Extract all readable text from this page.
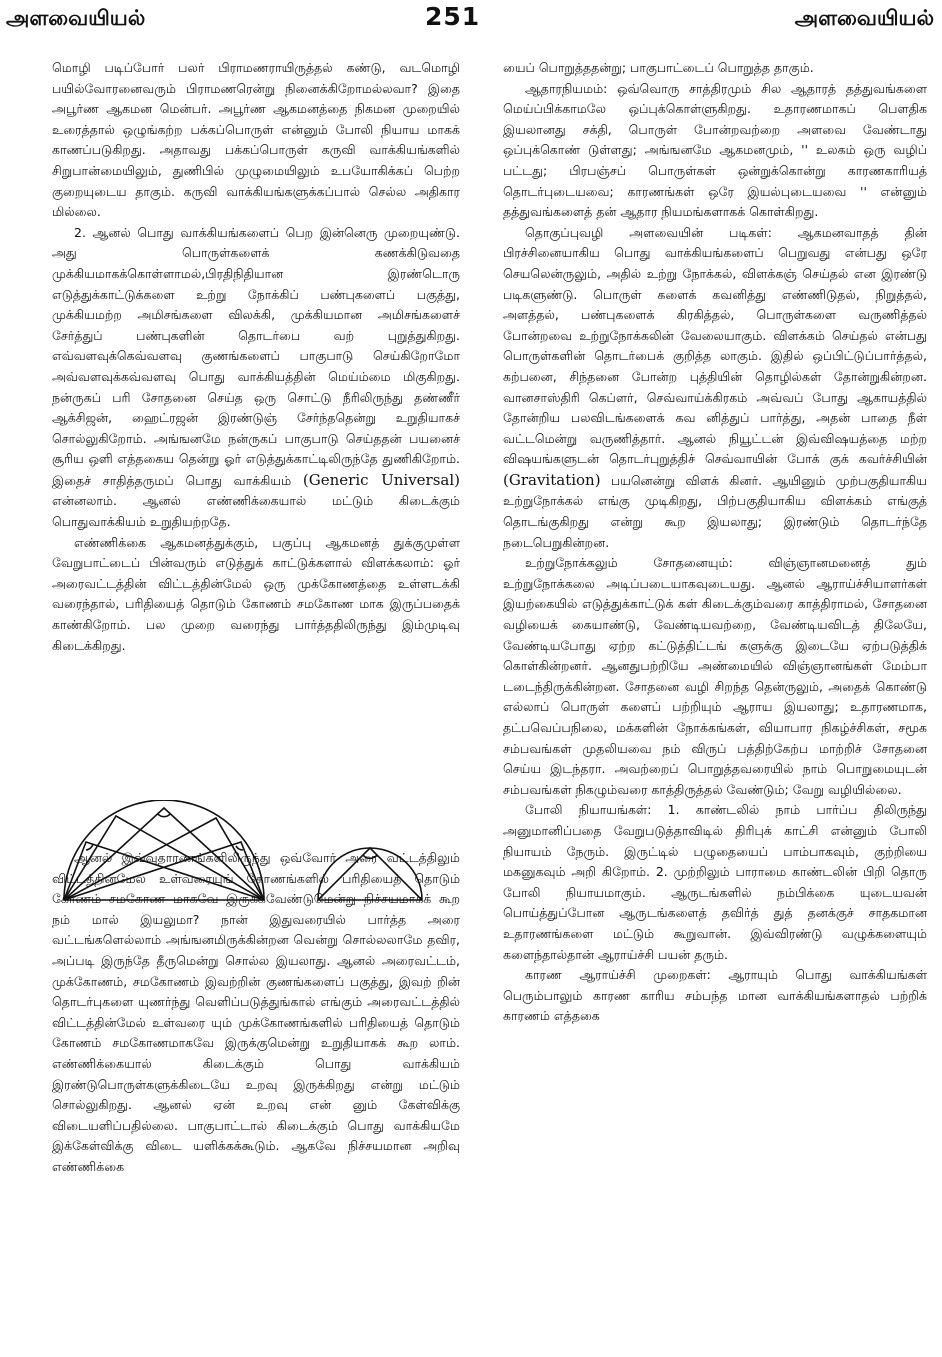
அளவையியல்	251	அளவையியல்

மொழி படிப்போர் பலர் பிராமணராயிருத்தல் கண்டு, வடமொழி பயில்வோரனைவரும் பிராமணரென்று நினைக்கிறோமல்லவா? இதை அபூர்ண ஆகமன மென்பர். அபூர்ண ஆகமனத்தை நிகமன முறையில் உரைத்தால் ஒழுங்கற்ற பக்கப்பொருள் என்னும் போலி நியாய மாகக் காணப்படுகிறது. அதாவது பக்கப்பொருள் கருவி வாக்கியங்களில் சிறுபான்மையிலும், துணிபில் முழுமையிலும் உபயோகிக்கப் பெற்ற குறையுடைய தாகும். கருவி வாக்கியங்களுக்கப்பால் செல்ல அதிகார மில்லை.

2. ஆனல் பொது வாக்கியங்களைப் பெற இன்னெரு முறையுண்டு. அது பொருள்களைக் கணக்கிடுவதை முக்கியமாகக்கொள்ளாமல்,பிரதிநிதியான இரண்டொரு எடுத்துக்காட்டுக்களை உற்று நோக்கிப் பண்புகளைப் பகுத்து, முக்கியமற்ற அமிசங்களை விலக்கி, முக்கியமான அமிசங்களைச் சேர்த்துப் பண்புகளின் தொடர்பை வற் புறுத்துகிறது. எவ்வளவுக்கெவ்வளவு குணங்களைப் பாகுபாடு செய்கிறோமோ அவ்வளவுக்கவ்வளவு பொது வாக்கியத்தின் மெய்ம்மை மிகுகிறது. நன்ருகப் பரி சோதனை செய்த ஒரு சொட்டு நீரிலிருந்து தண்ணீர் ஆக்சிஜன், ஹைட்ரஜன் இரண்டுஞ் சேர்ந்ததென்று உறுதியாகச் சொல்லுகிறோம். அங்ஙனமே நன்ருகப் பாகுபாடு செய்ததன் பயனைச் சூரிய ஒளி எத்தகைய தென்று ஓர் எடுத்துக்காட்டிலிருந்தே துணிகிறோம். இதைச் சாதித்தருமப் பொது வாக்கியம் (Generic Universal) என்னலாம். ஆனல் எண்ணிக்கையால் மட்டும் கிடைக்கும் பொதுவாக்கியம் உறுதியற்றதே.

எண்ணிக்கை ஆகமனத்துக்கும், பகுப்பு ஆகமனத் துக்குமுள்ள வேறுபாட்டைப் பின்வரும் எடுத்துக் காட்டுக்களால் விளக்கலாம்: ஓர் அரைவட்டத்தின் விட்டத்தின்மேல் ஒரு முக்கோணத்தை உள்ளடக்கி வரைந்தால், பரிதியைத் தொடும் கோணம் சமகோண மாக இருப்பதைக் காண்கிறோம். பல முறை வரைந்து பார்த்ததிலிருந்து இம்முடிவு கிடைக்கிறது.

ஆனல் இவ்வுதாரணங்களிலிருந்து ஒவ்வோர் அரை வட்டத்திலும் விட்டத்தின்மேல் உள்வரையுங் கோணங்களில் பரிதியைத் தொடும் கோணம் சமகோண மாகவே இருக்கவேண்டுமென்று நிச்சயமாகக் கூற நம் மால் இயலுமா? நான் இதுவரையில் பார்த்த அரை வட்டங்களெல்லாம் அங்ஙனமிருக்கின்றன வென்று சொல்லலாமே தவிர, அப்படி இருந்தே தீருமென்று சொல்ல இயலாது. ஆனல் அரைவட்டம், முக்கோணம், சமகோணம் இவற்றின் குணங்களைப் பகுத்து, இவற் றின் தொடர்புகளை யுணர்ந்து வெளிப்படுத்துங்கால் எங்கும் அரைவட்டத்தில் விட்டத்தின்மேல் உள்வரை யும் முக்கோணங்களில் பரிதியைத் தொடும் கோணம் சமகோணமாகவே இருக்குமென்று உறுதியாகக் கூற லாம். எண்ணிக்கையால் கிடைக்கும் பொது வாக்கியம் இரண்டுபொருள்களுக்கிடையே உறவு இருக்கிறது என்று மட்டும் சொல்லுகிறது. ஆனல் ஏன் உறவு என் னும் கேள்விக்கு விடையளிப்பதில்லை. பாகுபாட்டால் கிடைக்கும் பொது வாக்கியமே இக்கேள்விக்கு விடை யளிக்கக்கூடும். ஆகவே நிச்சயமான அறிவு எண்ணிக்கை

யைப் பொறுத்ததன்று; பாகுபாட்டைப் பொறுத்த தாகும்.

ஆதாரநியமம்: ஒவ்வொரு சாத்திரமும் சில ஆதாரத் தத்துவங்களை மெய்ப்பிக்காமலே ஒப்புக்கொள்ளுகிறது. உதாரணமாகப் பௌதிக இயலானது சக்தி, பொருள் போன்றவற்றை அளவை வேண்டாது ஒப்புக்கொண் டுள்ளது; அங்ஙனமே ஆகமனமும், '' உலகம் ஒரு வழிப் பட்டது; பிரபஞ்சப் பொருள்கள் ஒன்றுக்கொன்று காரணகாரியத் தொடர்புடையவை; காரணங்கள் ஒரே இயல்புடையவை '' என்னும் தத்துவங்களைத் தன் ஆதார நியமங்களாகக் கொள்கிறது.

தொகுப்புவழி அளவையின் படிகள்: ஆகமனவாதத் தின் பிரச்சினையாகிய பொது வாக்கியங்களைப் பெறுவது என்பது ஒரே செயலென்ருலும், அதில் உற்று நோக்கல், விளக்கஞ் செய்தல் என இரண்டு படிகளுண்டு. பொருள் களைக் கவனித்து எண்ணிடுதல், நிறுத்தல், அளத்தல், பண்புகளைக் கிரகித்தல், பொருள்களை வருணித்தல் போன்றவை உற்றுநோக்கலின் வேலையாகும். விளக்கம் செய்தல் என்பது பொருள்களின் தொடர்பைக் குறித்த லாகும். இதில் ஒப்பிட்டுப்பார்த்தல், கற்பனை, சிந்தனை போன்ற புத்தியின் தொழில்கள் தோன்றுகின்றன. வானசாஸ்திரி கெப்ளர், செவ்வாய்க்கிரகம் அவ்வப் போது ஆகாயத்தில் தோன்றிய பலவிடங்களைக் கவ னித்துப் பார்த்து, அதன் பாதை நீள் வட்டமென்று வருணித்தார். ஆனல் நியூட்டன் இவ்விஷயத்தை மற்ற விஷயங்களுடன் தொடர்புறுத்திச் செவ்வாயின் போக் குக் கவர்ச்சியின் (Gravitation) பயனென்று விளக் கினர். ஆயினும் முற்பகுதியாகிய உற்றுநோக்கல் எங்கு முடிகிறது, பிற்பகுதியாகிய விளக்கம் எங்குத் தொடங்குகிறது என்று கூற இயலாது; இரண்டும் தொடர்ந்தே நடைபெறுகின்றன.

உற்றுநோக்கலும் சோதனையும்: விஞ்ஞானமனைத் தும் உற்றுநோக்கலை அடிப்படையாகவுடையது. ஆனல் ஆராய்ச்சியாளர்கள் இயற்கையில் எடுத்துக்காட்டுக் கள் கிடைக்கும்வரை காத்திராமல், சோதனை வழியைக் கையாண்டு, வேண்டியவற்றை, வேண்டியவிடத் திலேயே, வேண்டியபோது ஏற்ற கட்டுத்திட்டங் களுக்கு இடையே ஏற்படுத்திக் கொள்கின்றனர். ஆனதுபற்றியே அண்மையில் விஞ்ஞானங்கள் மேம்பா டடைந்திருக்கின்றன. சோதனை வழி சிறந்த தென்ருலும், அதைக் கொண்டு எல்லாப் பொருள் களைப் பற்றியும் ஆராய இயலாது; உதாரணமாக, தட்பவெப்பநிலை, மக்களின் நோக்கங்கள், வியாபார நிகழ்ச்சிகள், சமூக சம்பவங்கள் முதலியவை நம் விருப் பத்திற்கேற்ப மாற்றிச் சோதனை செய்ய இடந்தரா. அவற்றைப் பொறுத்தவரையில் நாம் பொறுமையுடன் சம்பவங்கள் நிகழும்வரை காத்திருத்தல் வேண்டும்; வேறு வழியில்லை.

போலி நியாயங்கள்: 1. காண்டலில் நாம் பார்ப்ப திலிருந்து அனுமானிப்பதை வேறுபடுத்தாவிடில் திரிபுக் காட்சி என்னும் போலி நியாயம் நேரும். இருட்டில் பழுதையைப் பாம்பாகவும், குற்றியை மகனுகவும் அறி கிறோம். 2. முற்றிலும் பாராமை காண்டலின் பிறி தொரு போலி நியாயமாகும். ஆருடங்களில் நம்பிக்கை யுடையவன் பொய்த்துப்போன ஆருடங்களைத் தவிர்த் துத் தனக்குச் சாதகமான உதாரணங்களை மட்டும் கூறுவான். இவ்விரண்டு வழுக்களையும் களைந்தால்தான் ஆராய்ச்சி பயன் தரும்.

காரண ஆராய்ச்சி முறைகள்: ஆராயும் பொது வாக்கியங்கள் பெரும்பாலும் காரண காரிய சம்பந்த மான வாக்கியங்களாதல் பற்றிக் காரணம் எத்தகை
